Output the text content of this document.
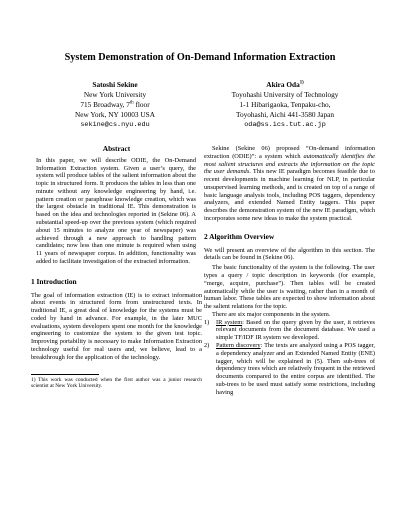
System Demonstration of On-Demand Information Extraction
Satoshi Sekine
New York University
715 Broadway, 7th floor
New York, NY 10003 USA
sekine@cs.nyu.edu
Akira Oda$^{1)}$
Toyohashi University of Technology
1-1 Hibarigaoka, Tenpaku-cho,
Toyohashi, Aichi 441-3580 Japan
oda@ss.ics.tut.ac.jp
Abstract

In this paper, we will describe ODIE, the On-Demand Information Extraction system. Given a user’s query, the system will produce tables of the salient information about the topic in structured form. It produces the tables in less than one minute without any knowledge engineering by hand, i.e. pattern creation or paraphrase knowledge creation, which was the largest obstacle in traditional IE. This demonstration is based on the idea and technologies reported in (Sekine 06). A substantial speed-up over the previous system (which required about 15 minutes to analyze one year of newspaper) was achieved through a new approach to handling pattern candidates; now less than one minute is required when using 11 years of newspaper corpus. In addition, functionality was added to facilitate investigation of the extracted information.

1 Introduction

The goal of information extraction (IE) is to extract information about events in structured form from unstructured texts. In traditional IE, a great deal of knowledge for the systems must be coded by hand in advance. For example, in the later MUC evaluations, system developers spent one month for the knowledge engineering to customize the system to the given test topic. Improving portability is necessary to make Information Extraction technology useful for real users and, we believe, lead to a breakthrough for the application of the technology.

1) This work was conducted when the first author was a junior research scientist at New York University.

Sekine (Sekine 06) proposed “On-demand information extraction (ODIE)”: a system which automatically identifies the most salient structures and extracts the information on the topic the user demands. This new IE paradigm becomes feasible due to recent developments in machine learning for NLP, in particular unsupervised learning methods, and is created on top of a range of basic language analysis tools, including POS taggers, dependency analyzers, and extended Named Entity taggers. This paper describes the demonstration system of the new IE paradigm, which incorporates some new ideas to make the system practical.

2 Algorithm Overview

We will present an overview of the algorithm in this section. The details can be found in (Sekine 06).

The basic functionality of the system is the following. The user types a query / topic description in keywords (for example, “merge, acquire, purchase”). Then tables will be created automatically while the user is waiting, rather than in a month of human labor. These tables are expected to show information about the salient relations for the topic.

There are six major components in the system.

1)	IR system: Based on the query given by the user, it retrieves relevant documents from the document database. We used a simple TF/IDF IR system we developed.
2)	Pattern discovery: The texts are analyzed using a POS tagger, a dependency analyzer and an Extended Named Entity (ENE) tagger, which will be explained in (5). Then sub-trees of dependency trees which are relatively frequent in the retrieved documents compared to the entire corpus are identified. The sub-trees to be used must satisfy some restrictions, including having
